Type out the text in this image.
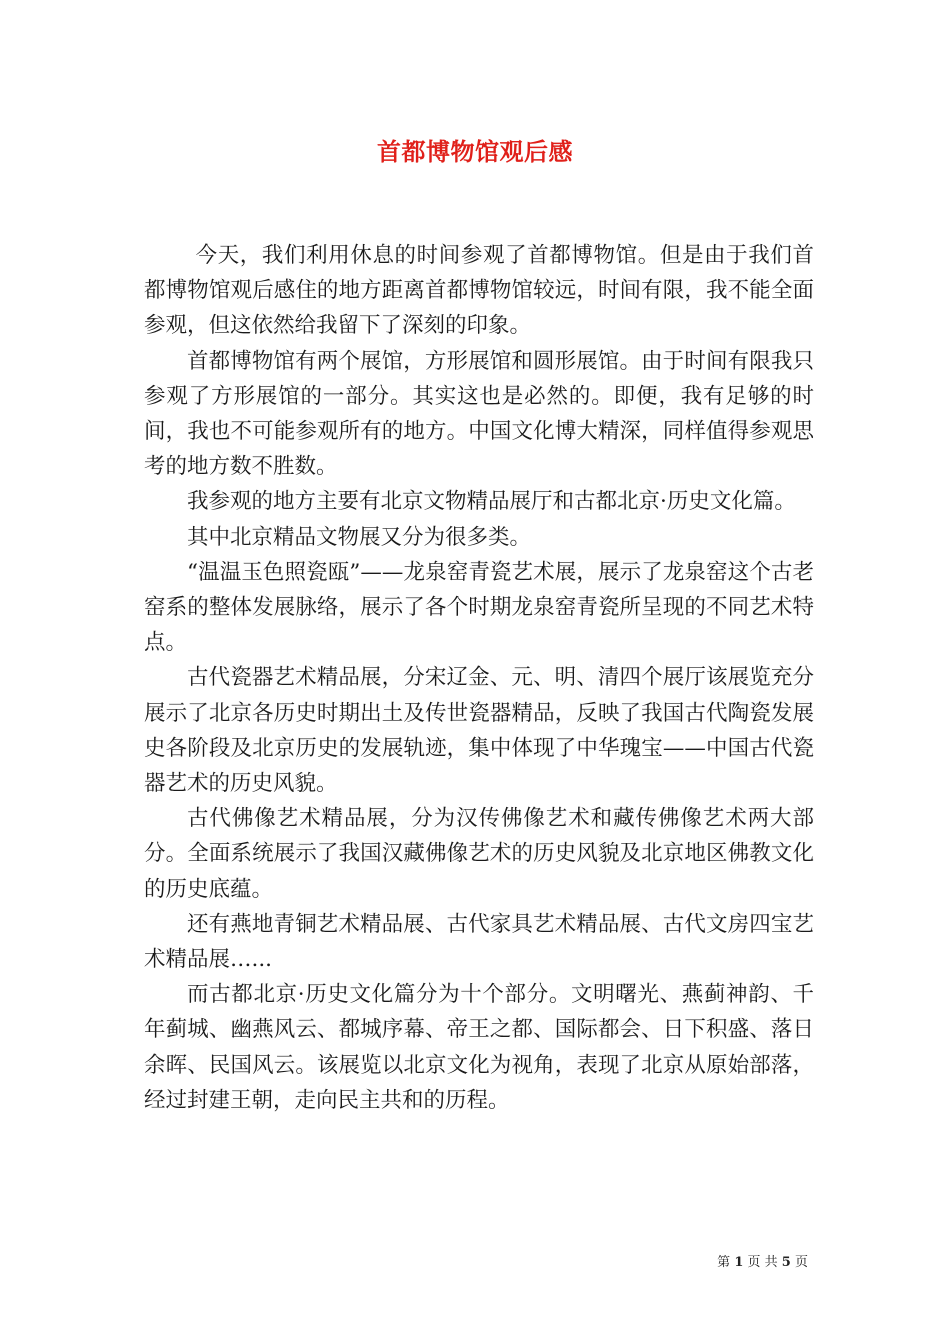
首都博物馆观后感

今天，我们利用休息的时间参观了首都博物馆。但是由于我们首都博物馆观后感住的地方距离首都博物馆较远，时间有限，我不能全面参观，但这依然给我留下了深刻的印象。

首都博物馆有两个展馆，方形展馆和圆形展馆。由于时间有限我只参观了方形展馆的一部分。其实这也是必然的。即便，我有足够的时间，我也不可能参观所有的地方。中国文化博大精深，同样值得参观思考的地方数不胜数。

我参观的地方主要有北京文物精品展厅和古都北京·历史文化篇。

其中北京精品文物展又分为很多类。

“温温玉色照瓷瓯”——龙泉窑青瓷艺术展，展示了龙泉窑这个古老窑系的整体发展脉络，展示了各个时期龙泉窑青瓷所呈现的不同艺术特点。

古代瓷器艺术精品展，分宋辽金、元、明、清四个展厅该展览充分展示了北京各历史时期出土及传世瓷器精品，反映了我国古代陶瓷发展史各阶段及北京历史的发展轨迹，集中体现了中华瑰宝——中国古代瓷器艺术的历史风貌。

古代佛像艺术精品展，分为汉传佛像艺术和藏传佛像艺术两大部分。全面系统展示了我国汉藏佛像艺术的历史风貌及北京地区佛教文化的历史底蕴。

还有燕地青铜艺术精品展、古代家具艺术精品展、古代文房四宝艺术精品展…...

而古都北京·历史文化篇分为十个部分。文明曙光、燕蓟神韵、千年蓟城、幽燕风云、都城序幕、帝王之都、国际都会、日下积盛、落日余晖、民国风云。该展览以北京文化为视角，表现了北京从原始部落，经过封建王朝，走向民主共和的历程。

第 1 页 共 5 页
